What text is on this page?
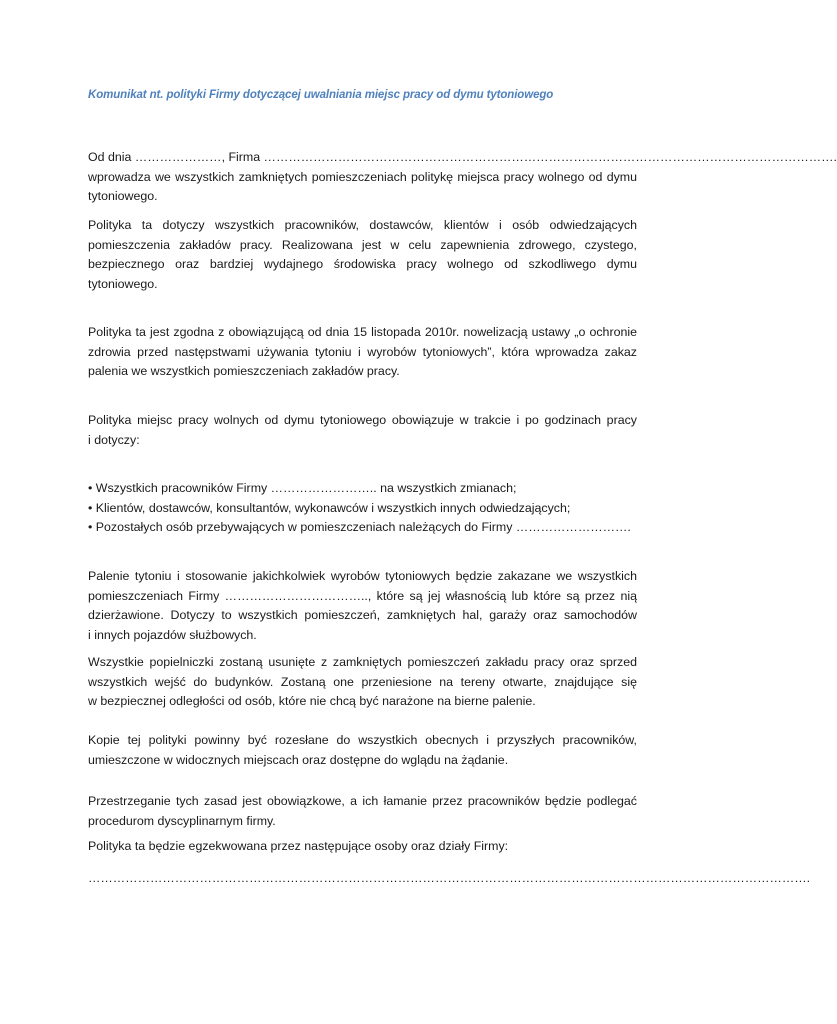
Komunikat nt. polityki Firmy dotyczącej uwalniania miejsc pracy od dymu tytoniowego
Od dnia …………………, Firma ………………………………………………………………………………………………………………………….
wprowadza we wszystkich zamkniętych pomieszczeniach politykę miejsca pracy wolnego od dymu
tytoniowego.
Polityka ta dotyczy wszystkich pracowników, dostawców, klientów i osób odwiedzających
pomieszczenia zakładów pracy. Realizowana jest w celu zapewnienia zdrowego, czystego,
bezpiecznego oraz bardziej wydajnego środowiska pracy wolnego od szkodliwego dymu
tytoniowego.
Polityka ta jest zgodna z obowiązującą od dnia 15 listopada 2010r. nowelizacją ustawy „o ochronie
zdrowia przed następstwami używania tytoniu i wyrobów tytoniowych”, która wprowadza zakaz
palenia we wszystkich pomieszczeniach zakładów pracy.
Polityka miejsc pracy wolnych od dymu tytoniowego obowiązuje w trakcie i po godzinach pracy
i dotyczy:
• Wszystkich pracowników Firmy …………………….. na wszystkich zmianach;
• Klientów, dostawców, konsultantów, wykonawców i wszystkich innych odwiedzających;
• Pozostałych osób przebywających w pomieszczeniach należących do Firmy ……………………….
Palenie tytoniu i stosowanie jakichkolwiek wyrobów tytoniowych będzie zakazane we wszystkich
pomieszczeniach Firmy …………………………….., które są jej własnością lub które są przez nią
dzierżawione. Dotyczy to wszystkich pomieszczeń, zamkniętych hal, garaży oraz samochodów
i innych pojazdów służbowych.
Wszystkie popielniczki zostaną usunięte z zamkniętych pomieszczeń zakładu pracy oraz sprzed
wszystkich wejść do budynków. Zostaną one przeniesione na tereny otwarte, znajdujące się
w bezpiecznej odległości od osób, które nie chcą być narażone na bierne palenie.
Kopie tej polityki powinny być rozesłane do wszystkich obecnych i przyszłych pracowników,
umieszczone w widocznych miejscach oraz dostępne do wglądu na żądanie.
Przestrzeganie tych zasad jest obowiązkowe, a ich łamanie przez pracowników będzie podlegać
procedurom dyscyplinarnym firmy.
Polityka ta będzie egzekwowana przez następujące osoby oraz działy Firmy:
………………………………………………………………………………………………………………………………………………………….
